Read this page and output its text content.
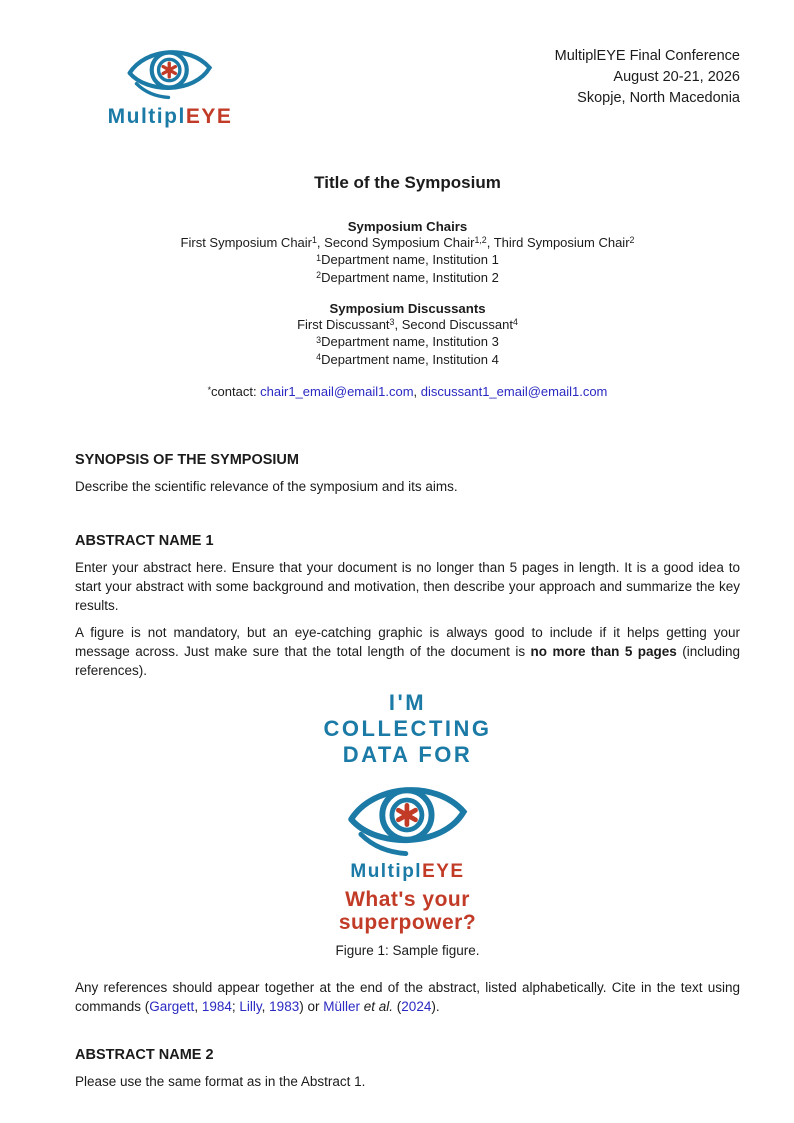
MultiplEYE
MultiplEYE Final Conference
August 20-21, 2026
Skopje, North Macedonia
Title of the Symposium
Symposium Chairs
First Symposium Chair$^1$, Second Symposium Chair$^{1,2}$, Third Symposium Chair$^2$
$^1$Department name, Institution 1
$^2$Department name, Institution 2
Symposium Discussants
First Discussant$^3$, Second Discussant$^4$
$^3$Department name, Institution 3
$^4$Department name, Institution 4

*contact: chair1_email@email1.com, discussant1_email@email1.com

SYNOPSIS OF THE SYMPOSIUM

Describe the scientific relevance of the symposium and its aims.

ABSTRACT NAME 1

Enter your abstract here. Ensure that your document is no longer than 5 pages in length. It is a good idea to start your abstract with some background and motivation, then describe your approach and summarize the key results.

A figure is not mandatory, but an eye-catching graphic is always good to include if it helps getting your message across. Just make sure that the total length of the document is no more than 5 pages (including references).

I'M
COLLECTING
DATA FOR
MultiplEYE
What's your
superpower?
Figure 1: Sample figure.

Any references should appear together at the end of the abstract, listed alphabetically. Cite in the text using commands (Gargett, 1984; Lilly, 1983) or Müller et al. (2024).

ABSTRACT NAME 2

Please use the same format as in the Abstract 1.
